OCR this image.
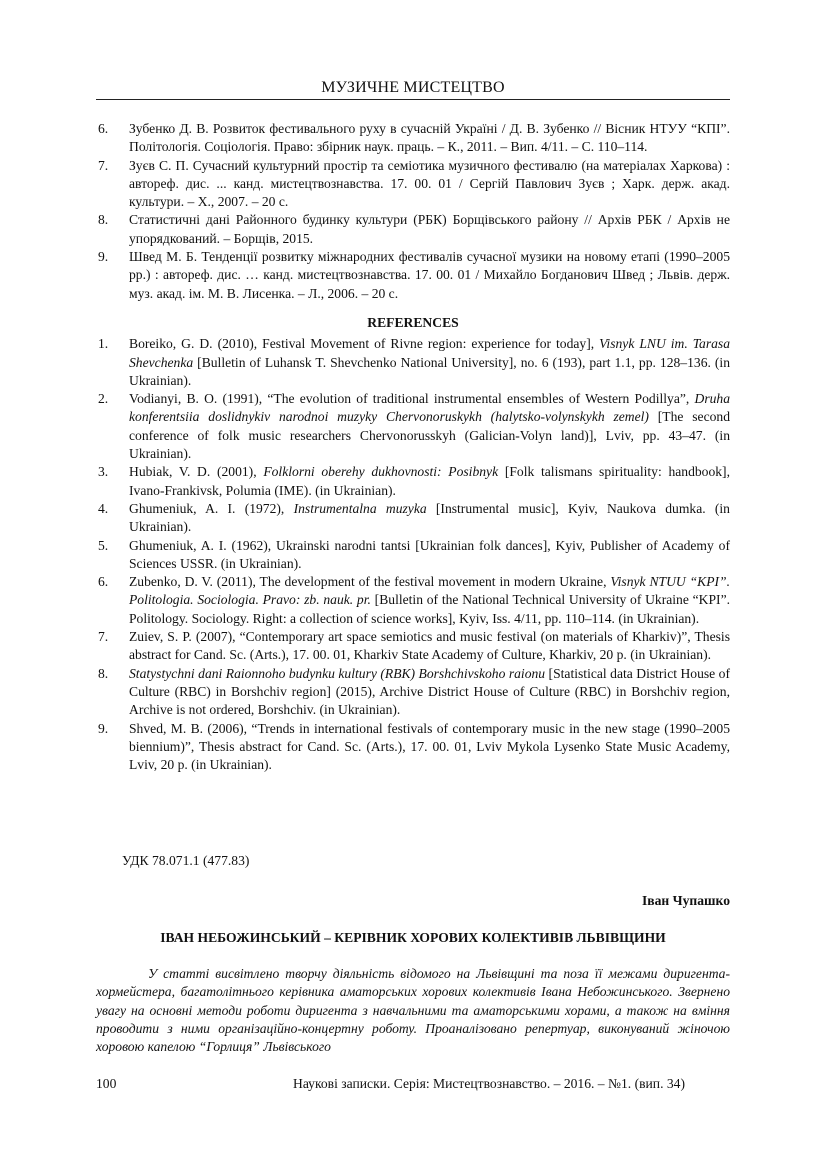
МУЗИЧНЕ МИСТЕЦТВО
6. Зубенко Д. В. Розвиток фестивального руху в сучасній Україні / Д. В. Зубенко // Вісник НТУУ “КПІ”. Політологія. Соціологія. Право: збірник наук. праць. – К., 2011. – Вип. 4/11. – С. 110–114.
7. Зуєв С. П. Сучасний культурний простір та семіотика музичного фестивалю (на матеріалах Харкова) : автореф. дис. ... канд. мистецтвознавства. 17. 00. 01 / Сергій Павлович Зуєв ; Харк. держ. акад. культури. – Х., 2007. – 20 с.
8. Статистичні дані Районного будинку культури (РБК) Борщівського району // Архів РБК / Архів не упорядкований. – Борщів, 2015.
9. Швед М. Б. Тенденції розвитку міжнародних фестивалів сучасної музики на новому етапі (1990–2005 рр.) : автореф. дис. … канд. мистецтвознавства. 17. 00. 01 / Михайло Богданович Швед ; Львів. держ. муз. акад. ім. М. В. Лисенка. – Л., 2006. – 20 с.
REFERENCES
1. Boreiko, G. D. (2010), Festival Movement of Rivne region: experience for today], Visnyk LNU im. Tarasa Shevchenka [Bulletin of Luhansk T. Shevchenko National University], no. 6 (193), part 1.1, pp. 128–136. (in Ukrainian).
2. Vodianyi, B. O. (1991), “The evolution of traditional instrumental ensembles of Western Podillya”, Druha konferentsiia doslidnykiv narodnoi muzyky Chervonoruskykh (halytsko-volynskykh zemel) [The second conference of folk music researchers Chervonorusskyh (Galician-Volyn land)], Lviv, pp. 43–47. (in Ukrainian).
3. Hubiak, V. D. (2001), Folklorni oberehy dukhovnosti: Posibnyk [Folk talismans spirituality: handbook], Ivano-Frankivsk, Polumia (IME). (in Ukrainian).
4. Ghumeniuk, A. I. (1972), Instrumentalna muzyka [Instrumental music], Kyiv, Naukova dumka. (in Ukrainian).
5. Ghumeniuk, A. I. (1962), Ukrainski narodni tantsi [Ukrainian folk dances], Kyiv, Publisher of Academy of Sciences USSR. (in Ukrainian).
6. Zubenko, D. V. (2011), The development of the festival movement in modern Ukraine, Visnyk NTUU “KPI”. Politologia. Sociologia. Pravo: zb. nauk. pr. [Bulletin of the National Technical University of Ukraine “KPI”. Politology. Sociology. Right: a collection of science works], Kyiv, Iss. 4/11, pp. 110–114. (in Ukrainian).
7. Zuiev, S. P. (2007), “Contemporary art space semiotics and music festival (on materials of Kharkiv)”, Thesis abstract for Cand. Sc. (Arts.), 17. 00. 01, Kharkiv State Academy of Culture, Kharkiv, 20 p. (in Ukrainian).
8. Statystychni dani Raionnoho budynku kultury (RBK) Borshchivskoho raionu [Statistical data District House of Culture (RBC) in Borshchiv region] (2015), Archive District House of Culture (RBC) in Borshchiv region, Archive is not ordered, Borshchiv. (in Ukrainian).
9. Shved, M. B. (2006), “Trends in international festivals of contemporary music in the new stage (1990–2005 biennium)”, Thesis abstract for Cand. Sc. (Arts.), 17. 00. 01, Lviv Mykola Lysenko State Music Academy, Lviv, 20 p. (in Ukrainian).
УДК 78.071.1 (477.83)
Іван Чупашко
ІВАН НЕБОЖИНСЬКИЙ – КЕРІВНИК ХОРОВИХ КОЛЕКТИВІВ ЛЬВІВЩИНИ

У статті висвітлено творчу діяльність відомого на Львівщині та поза її межами диригента-хормейстера, багатолітнього керівника аматорських хорових колективів Івана Небожинського. Звернено увагу на основні методи роботи диригента з навчальними та аматорськими хорами, а також на вміння проводити з ними організаційно-концертну роботу. Проаналізовано репертуар, виконуваний жіночою хоровою капелою “Горлиця” Львівського

100	Наукові записки. Серія: Мистецтвознавство. – 2016. – №1. (вип. 34)
